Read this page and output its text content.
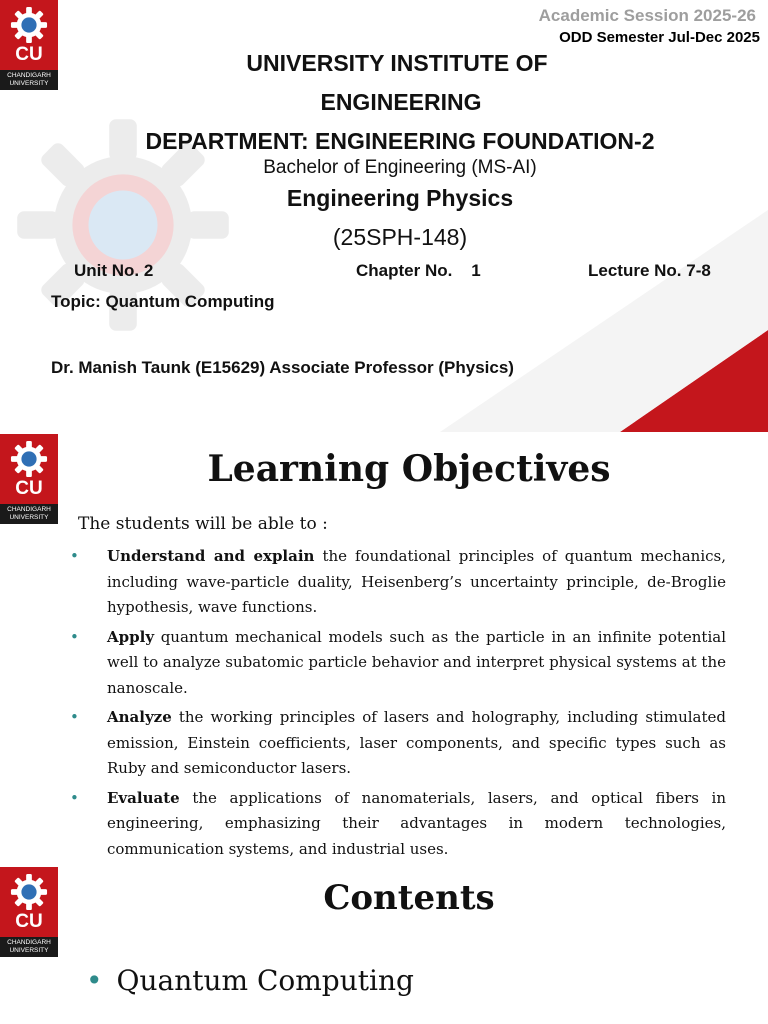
CU
CHANDIGARH
UNIVERSITY
Academic Session 2025-26
ODD Semester Jul-Dec 2025
UNIVERSITY INSTITUTE OF
ENGINEERING
DEPARTMENT: ENGINEERING FOUNDATION-2
Bachelor of Engineering (MS-AI)
Engineering Physics
(25SPH-148)
Unit No. 2	Chapter No.    1	Lecture No. 7-8
Topic: Quantum Computing
Dr. Manish Taunk (E15629) Associate Professor (Physics)
CU
CHANDIGARH
UNIVERSITY
Learning Objectives
The students will be able to :
• Understand and explain the foundational principles of quantum mechanics, including wave-particle duality, Heisenberg’s uncertainty principle, de-Broglie hypothesis, wave functions.
• Apply quantum mechanical models such as the particle in an infinite potential well to analyze subatomic particle behavior and interpret physical systems at the nanoscale.
• Analyze the working principles of lasers and holography, including stimulated emission, Einstein coefficients, laser components, and specific types such as Ruby and semiconductor lasers.
• Evaluate the applications of nanomaterials, lasers, and optical fibers in engineering, emphasizing their advantages in modern technologies, communication systems, and industrial uses.
CU
CHANDIGARH
UNIVERSITY
Contents
• Quantum Computing
